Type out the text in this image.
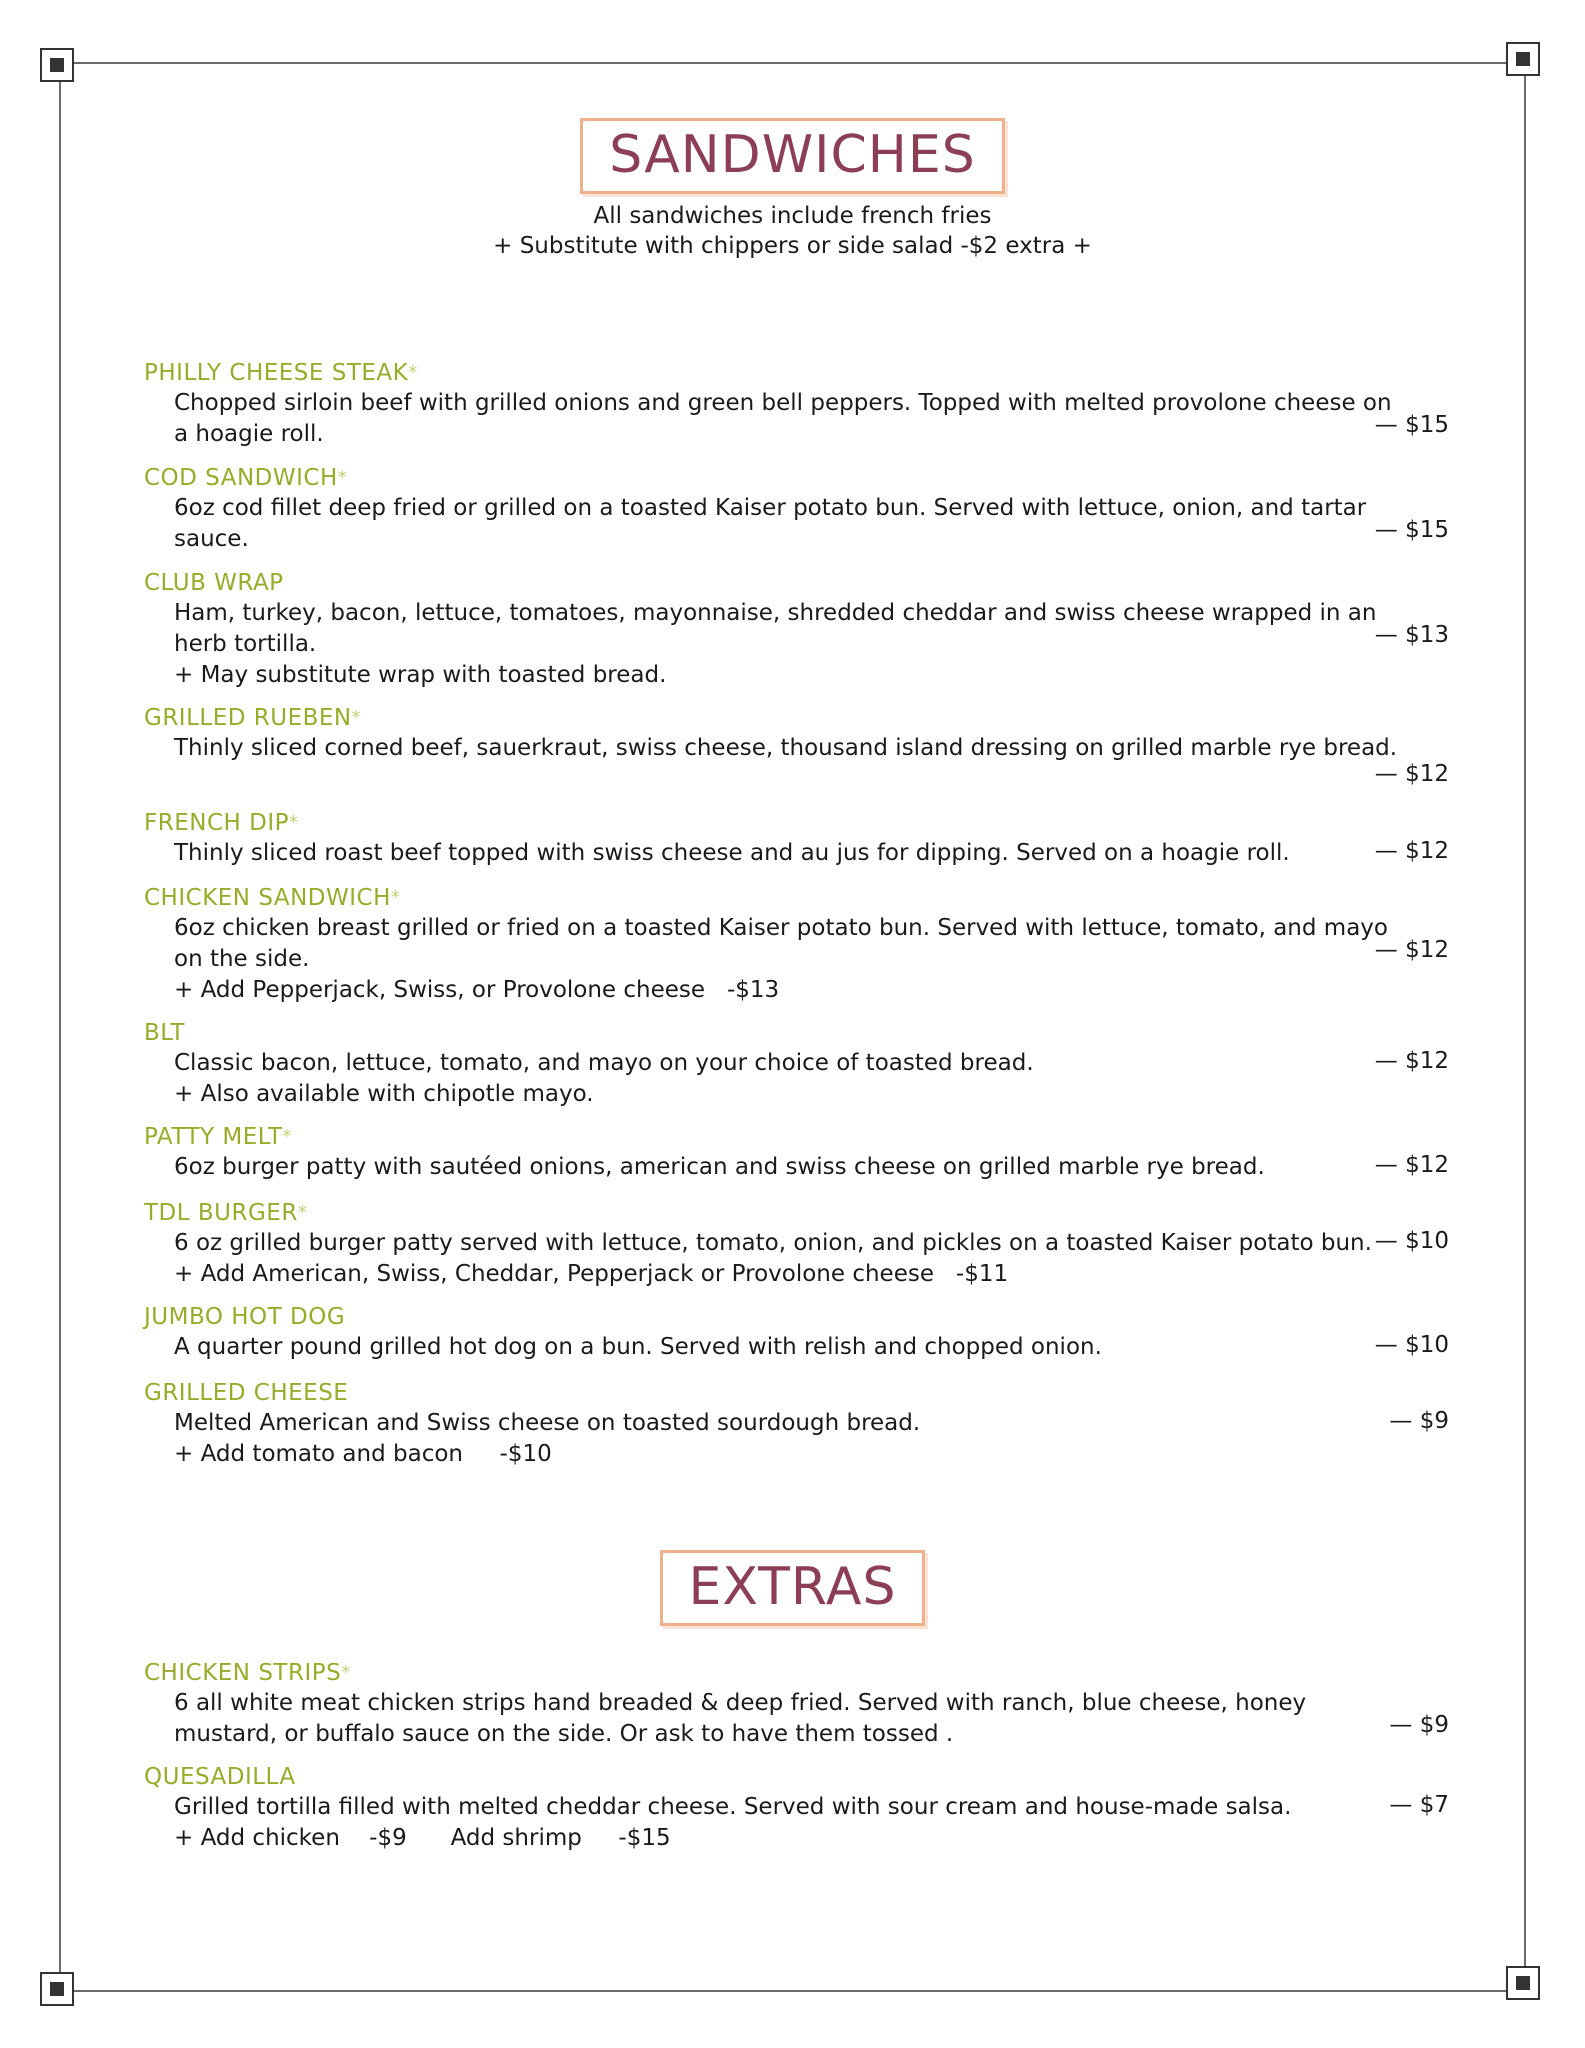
SANDWICHES
All sandwiches include french fries
+ Substitute with chippers or side salad -$2 extra +
PHILLY CHEESE STEAK*
Chopped sirloin beef with grilled onions and green bell peppers. Topped with melted provolone cheese on a hoagie roll.	— $15
COD SANDWICH*
6oz cod fillet deep fried or grilled on a toasted Kaiser potato bun. Served with lettuce, onion, and tartar sauce.	— $15
CLUB WRAP
Ham, turkey, bacon, lettuce, tomatoes, mayonnaise, shredded cheddar and swiss cheese wrapped in an herb tortilla.
+ May substitute wrap with toasted bread.
— $13
GRILLED RUEBEN*
Thinly sliced corned beef, sauerkraut, swiss cheese, thousand island dressing on grilled marble rye bread.
— $12
FRENCH DIP*
Thinly sliced roast beef topped with swiss cheese and au jus for dipping. Served on a hoagie roll.	— $12
CHICKEN SANDWICH*
6oz chicken breast grilled or fried on a toasted Kaiser potato bun. Served with lettuce, tomato, and mayo on the side.
+ Add Pepperjack, Swiss, or Provolone cheese   -$13
— $12
BLT
Classic bacon, lettuce, tomato, and mayo on your choice of toasted bread.
+ Also available with chipotle mayo.
— $12
PATTY MELT*
6oz burger patty with sautéed onions, american and swiss cheese on grilled marble rye bread.	— $12
TDL BURGER*
6 oz grilled burger patty served with lettuce, tomato, onion, and pickles on a toasted Kaiser potato bun.
+ Add American, Swiss, Cheddar, Pepperjack or Provolone cheese   -$11
— $10
JUMBO HOT DOG
A quarter pound grilled hot dog on a bun. Served with relish and chopped onion.	— $10
GRILLED CHEESE
Melted American and Swiss cheese on toasted sourdough bread.
+ Add tomato and bacon     -$10
— $9
EXTRAS
CHICKEN STRIPS*
6 all white meat chicken strips hand breaded & deep fried. Served with ranch, blue cheese, honey mustard, or buffalo sauce on the side. Or ask to have them tossed .	— $9
QUESADILLA
Grilled tortilla filled with melted cheddar cheese. Served with sour cream and house-made salsa.
+ Add chicken    -$9      Add shrimp     -$15
— $7
